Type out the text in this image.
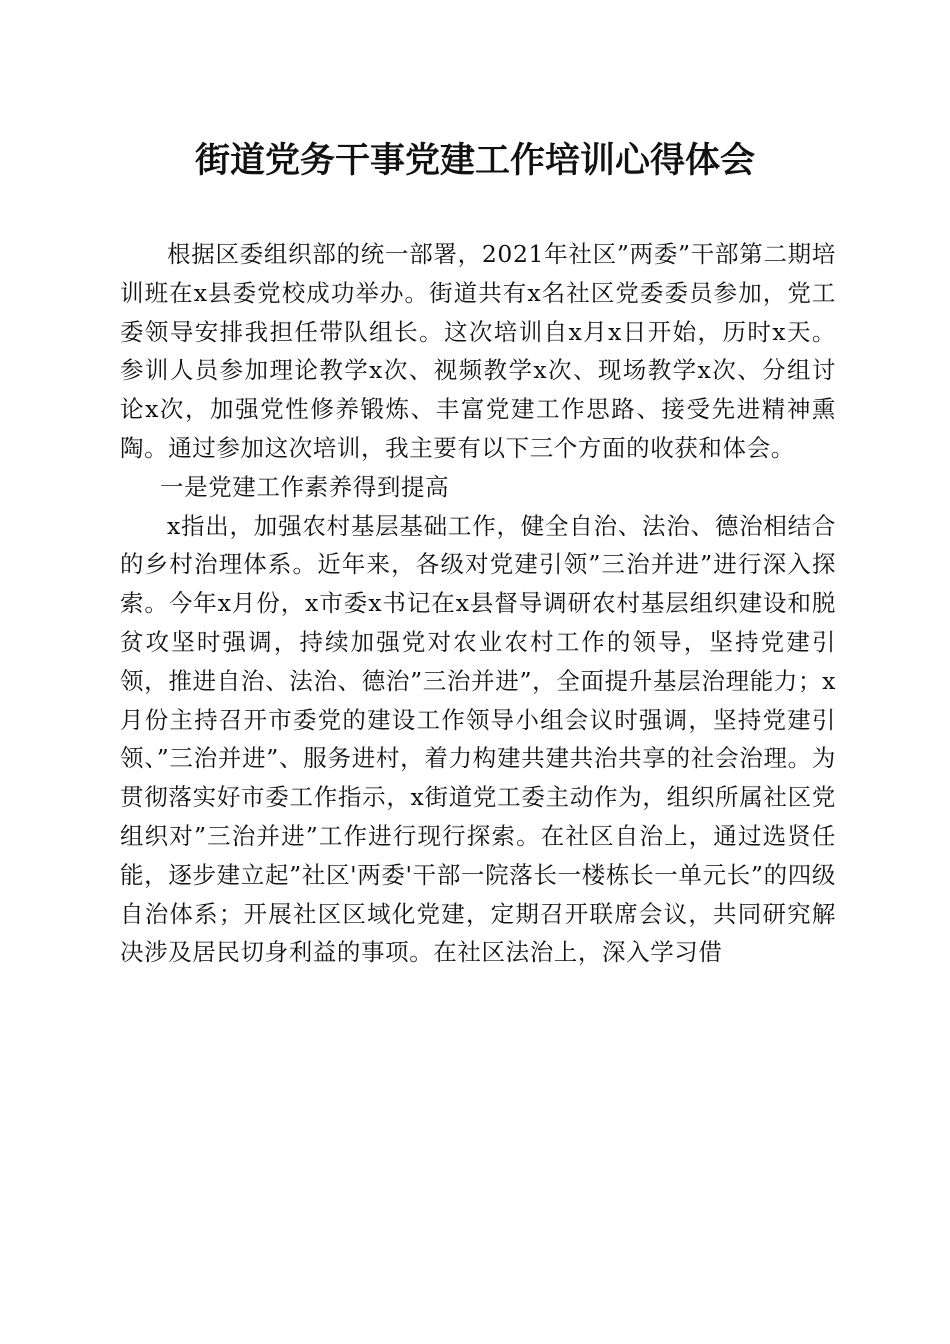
街道党务干事党建工作培训心得体会

根据区委组织部的统一部署，2021年社区”两委”干部第二期培训班在x县委党校成功举办。街道共有x名社区党委委员参加，党工委领导安排我担任带队组长。这次培训自x月x日开始，历时x天。参训人员参加理论教学x次、视频教学x次、现场教学x次、分组讨论x次，加强党性修养锻炼、丰富党建工作思路、接受先进精神熏陶。通过参加这次培训，我主要有以下三个方面的收获和体会。

一是党建工作素养得到提高

x指出，加强农村基层基础工作，健全自治、法治、德治相结合的乡村治理体系。近年来，各级对党建引领”三治并进”进行深入探索。今年x月份，x市委x书记在x县督导调研农村基层组织建设和脱贫攻坚时强调，持续加强党对农业农村工作的领导，坚持党建引领，推进自治、法治、德治”三治并进”，全面提升基层治理能力；x月份主持召开市委党的建设工作领导小组会议时强调，坚持党建引领、”三治并进”、服务进村，着力构建共建共治共享的社会治理。为贯彻落实好市委工作指示，x街道党工委主动作为，组织所属社区党组织对”三治并进”工作进行现行探索。在社区自治上，通过选贤任能，逐步建立起”社区'两委'干部一院落长一楼栋长一单元长”的四级自治体系；开展社区区域化党建，定期召开联席会议，共同研究解决涉及居民切身利益的事项。在社区法治上，深入学习借
